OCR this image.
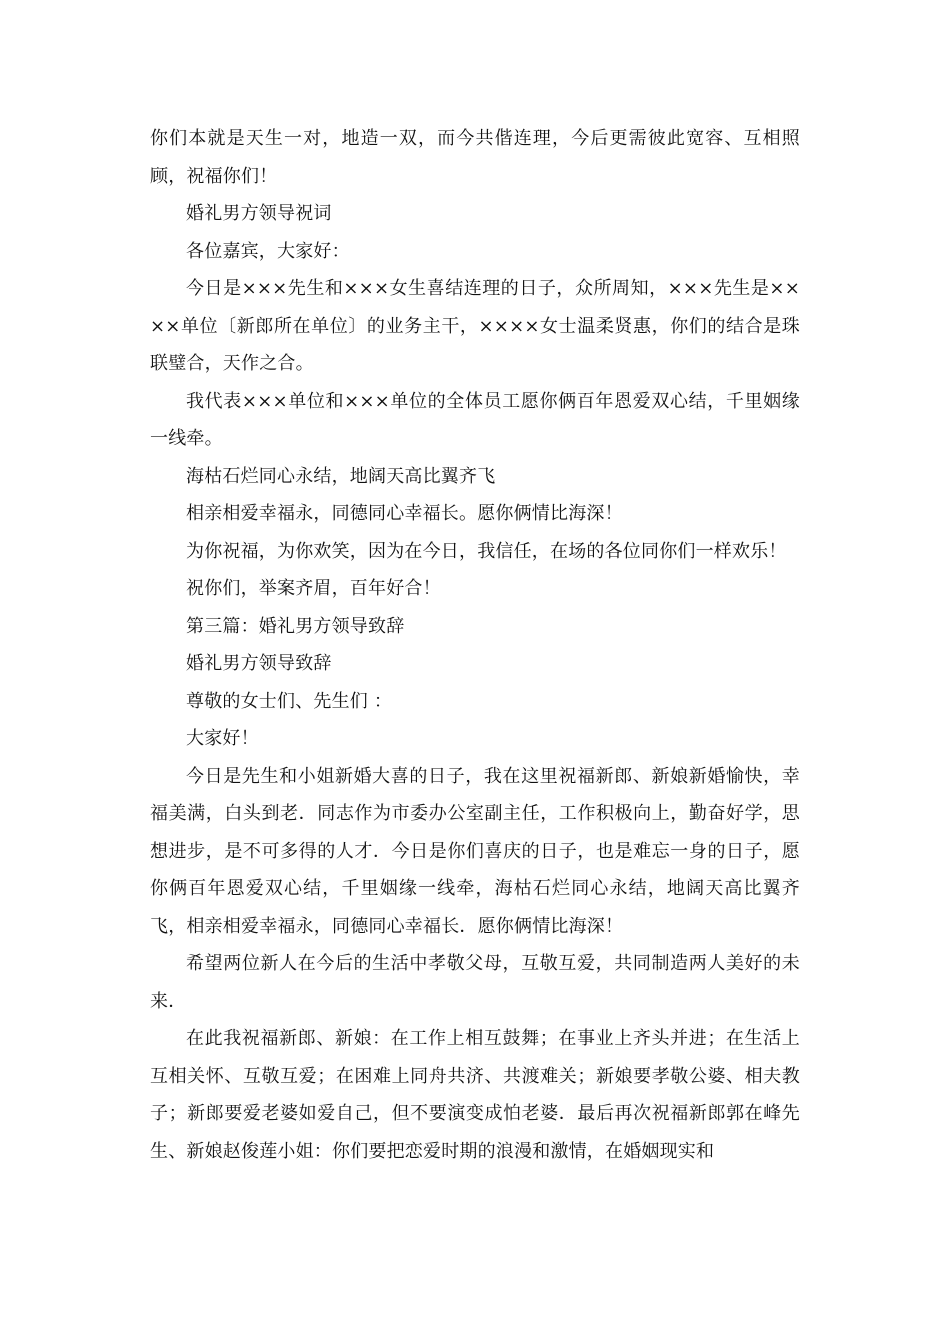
你们本就是天生一对，地造一双，而今共偕连理，今后更需彼此宽容、互相照顾，祝福你们！

婚礼男方领导祝词

各位嘉宾，大家好：

今日是×××先生和×××女生喜结连理的日子，众所周知，×××先生是××××单位〔新郎所在单位〕的业务主干，××××女士温柔贤惠，你们的结合是珠联璧合，天作之合。

我代表×××单位和×××单位的全体员工愿你俩百年恩爱双心结，千里姻缘一线牵。

海枯石烂同心永结，地阔天高比翼齐飞

相亲相爱幸福永，同德同心幸福长。愿你俩情比海深！

为你祝福，为你欢笑，因为在今日，我信任，在场的各位同你们一样欢乐！

祝你们，举案齐眉，百年好合！

第三篇：婚礼男方领导致辞

婚礼男方领导致辞

尊敬的女士们、先生们 ：

大家好！

今日是先生和小姐新婚大喜的日子，我在这里祝福新郎、新娘新婚愉快，幸福美满，白头到老．同志作为市委办公室副主任，工作积极向上，勤奋好学，思想进步，是不可多得的人才．今日是你们喜庆的日子，也是难忘一身的日子，愿你俩百年恩爱双心结，千里姻缘一线牵，海枯石烂同心永结，地阔天高比翼齐飞，相亲相爱幸福永，同德同心幸福长．愿你俩情比海深！

希望两位新人在今后的生活中孝敬父母，互敬互爱，共同制造两人美好的未来．

在此我祝福新郎、新娘：在工作上相互鼓舞；在事业上齐头并进；在生活上互相关怀、互敬互爱；在困难上同舟共济、共渡难关；新娘要孝敬公婆、相夫教子；新郎要爱老婆如爱自己，但不要演变成怕老婆．最后再次祝福新郎郭在峰先生、新娘赵俊莲小姐：你们要把恋爱时期的浪漫和激情，在婚姻现实和
